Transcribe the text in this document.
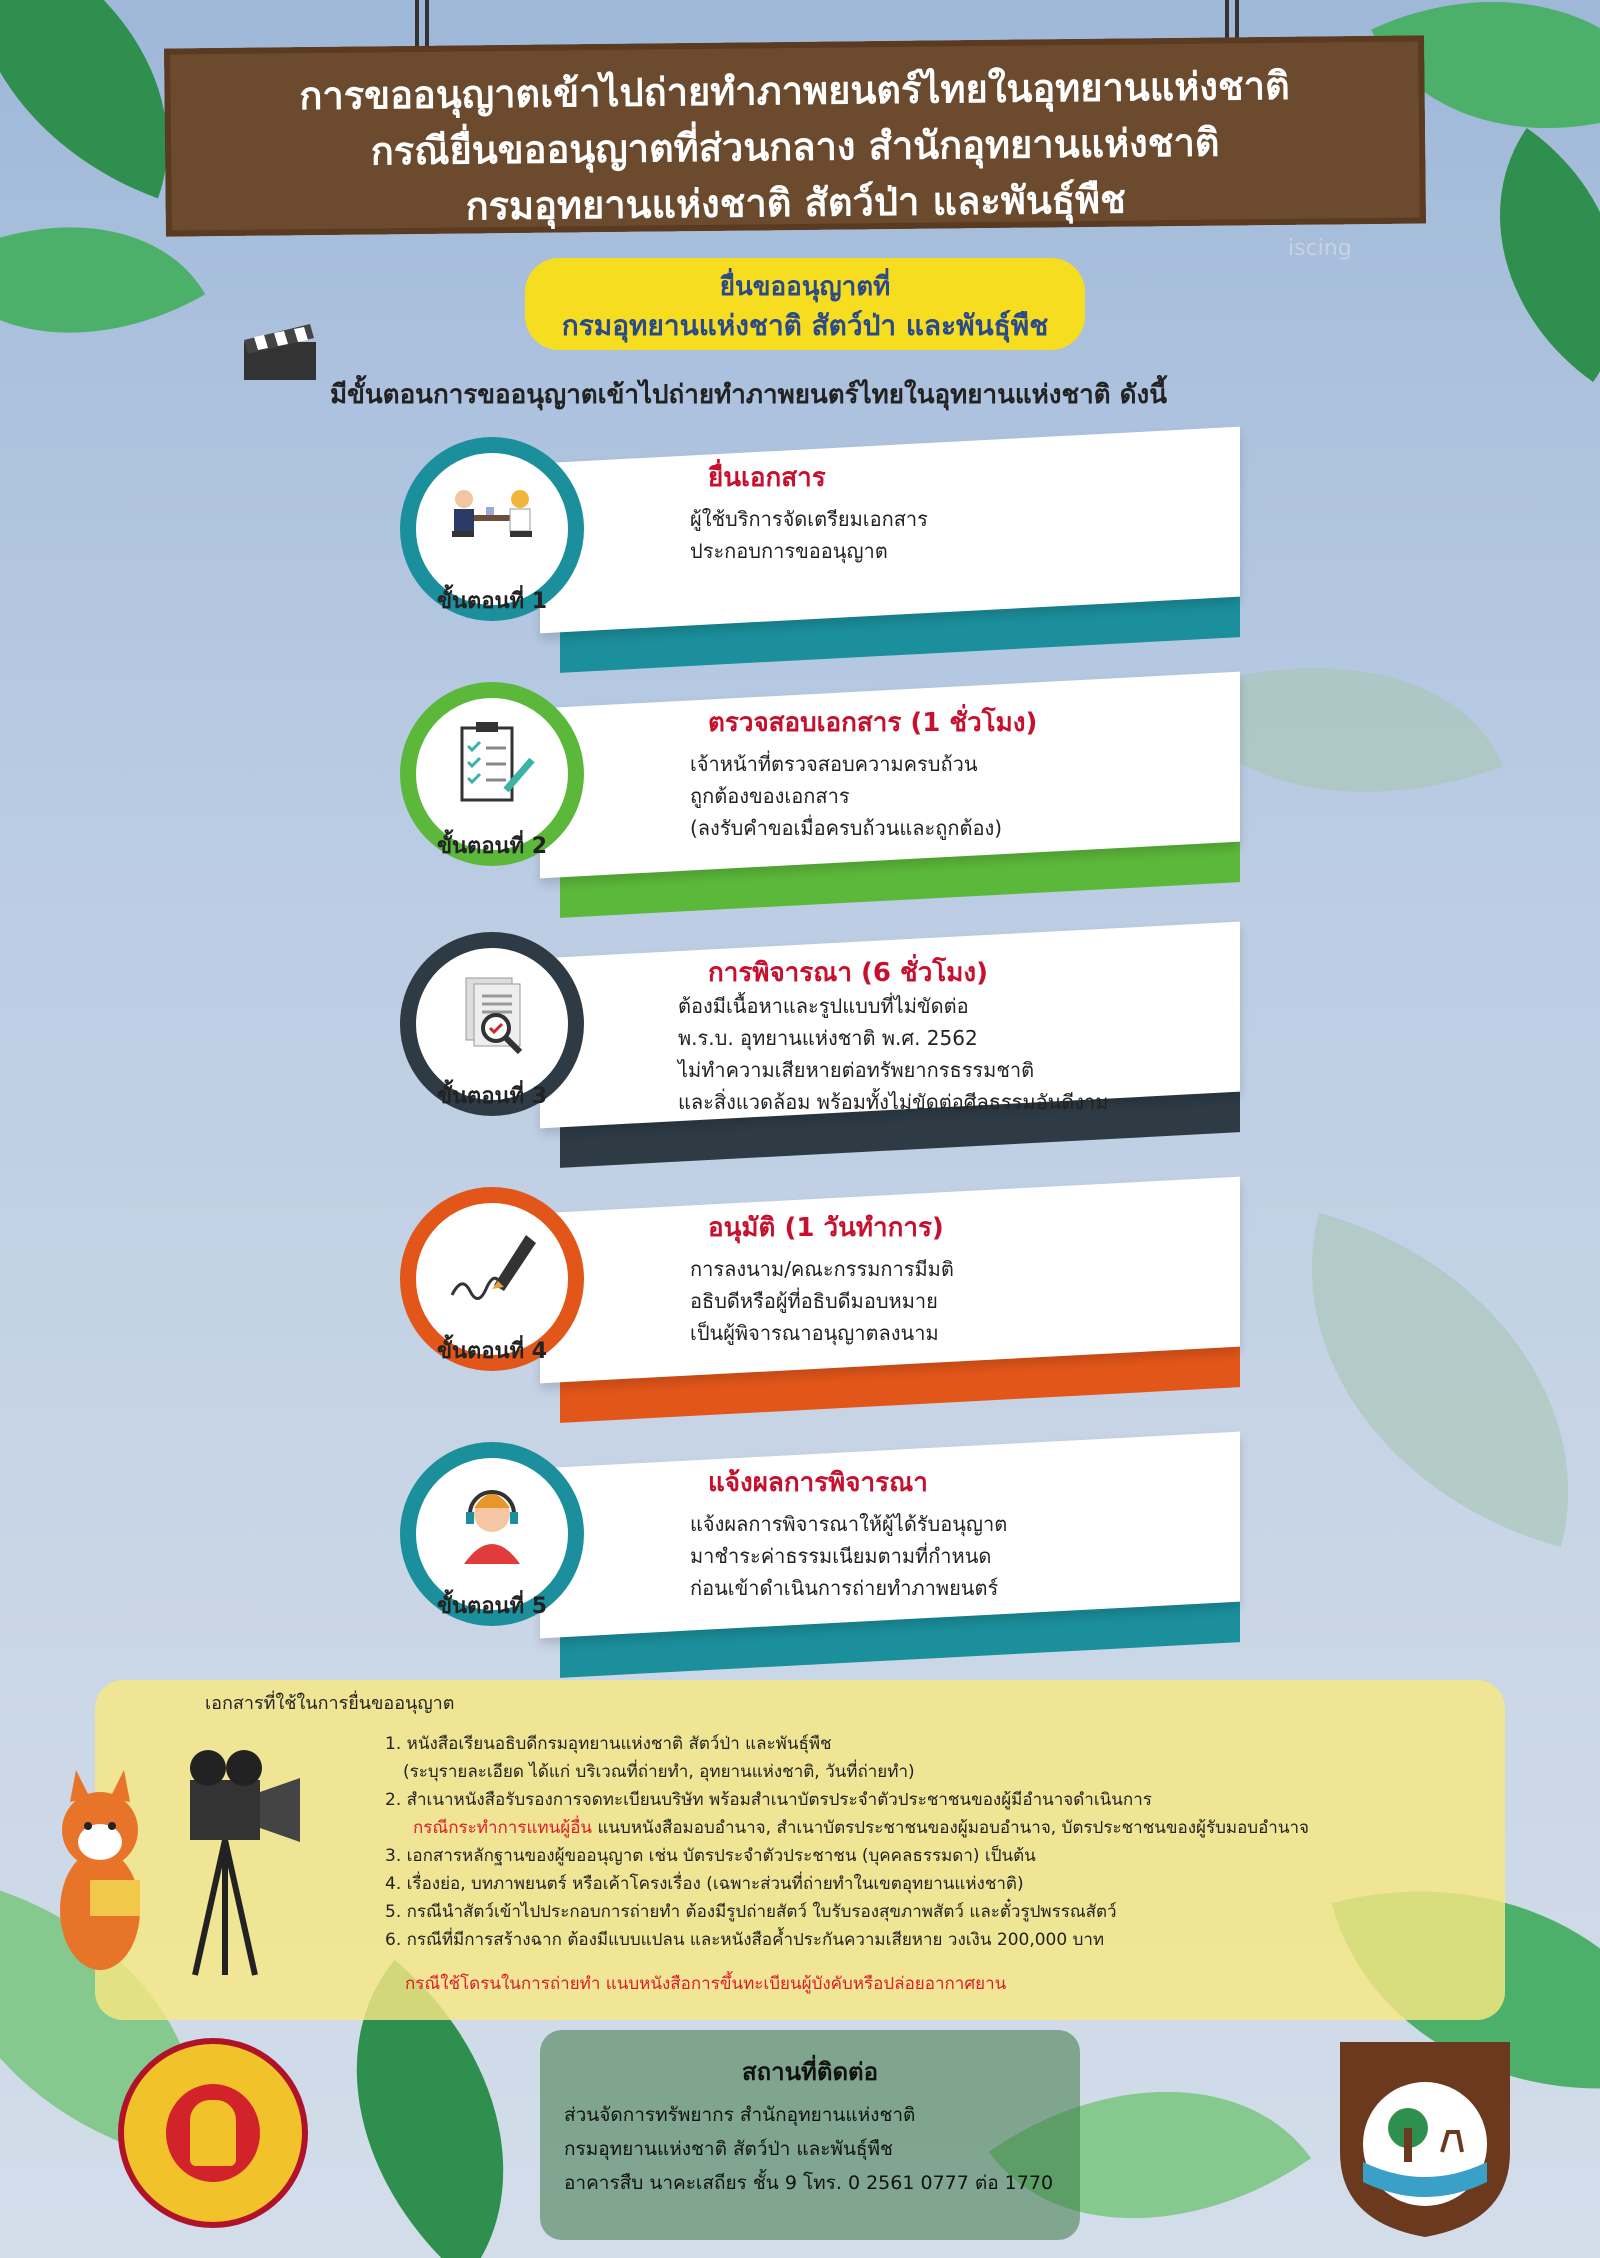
การขออนุญาตเข้าไปถ่ายทำภาพยนตร์ไทยในอุทยานแห่งชาติ
กรณียื่นขออนุญาตที่ส่วนกลาง สำนักอุทยานแห่งชาติ
กรมอุทยานแห่งชาติ สัตว์ป่า และพันธุ์พืช
iscing
ยื่นขออนุญาตที่
กรมอุทยานแห่งชาติ สัตว์ป่า และพันธุ์พืช
มีขั้นตอนการขออนุญาตเข้าไปถ่ายทำภาพยนตร์ไทยในอุทยานแห่งชาติ ดังนี้
ขั้นตอนที่ 1
ยื่นเอกสาร
ผู้ใช้บริการจัดเตรียมเอกสาร
ประกอบการขออนุญาต
ขั้นตอนที่ 2
ตรวจสอบเอกสาร (1 ชั่วโมง)
เจ้าหน้าที่ตรวจสอบความครบถ้วน
ถูกต้องของเอกสาร
(ลงรับคำขอเมื่อครบถ้วนและถูกต้อง)
ขั้นตอนที่ 3
การพิจารณา (6 ชั่วโมง)
ต้องมีเนื้อหาและรูปแบบที่ไม่ขัดต่อ
พ.ร.บ. อุทยานแห่งชาติ พ.ศ. 2562
ไม่ทำความเสียหายต่อทรัพยากรธรรมชาติ
และสิ่งแวดล้อม พร้อมทั้งไม่ขัดต่อศีลธรรมอันดีงาม
ขั้นตอนที่ 4
อนุมัติ (1 วันทำการ)
การลงนาม/คณะกรรมการมีมติ
อธิบดีหรือผู้ที่อธิบดีมอบหมาย
เป็นผู้พิจารณาอนุญาตลงนาม
ขั้นตอนที่ 5
แจ้งผลการพิจารณา
แจ้งผลการพิจารณาให้ผู้ได้รับอนุญาต
มาชำระค่าธรรมเนียมตามที่กำหนด
ก่อนเข้าดำเนินการถ่ายทำภาพยนตร์
เอกสารที่ใช้ในการยื่นขออนุญาต
1. หนังสือเรียนอธิบดีกรมอุทยานแห่งชาติ สัตว์ป่า และพันธุ์พืช
(ระบุรายละเอียด ได้แก่ บริเวณที่ถ่ายทำ, อุทยานแห่งชาติ, วันที่ถ่ายทำ)
2. สำเนาหนังสือรับรองการจดทะเบียนบริษัท พร้อมสำเนาบัตรประจำตัวประชาชนของผู้มีอำนาจดำเนินการ
กรณีกระทำการแทนผู้อื่น แนบหนังสือมอบอำนาจ, สำเนาบัตรประชาชนของผู้มอบอำนาจ, บัตรประชาชนของผู้รับมอบอำนาจ
3. เอกสารหลักฐานของผู้ขออนุญาต เช่น บัตรประจำตัวประชาชน (บุคคลธรรมดา) เป็นต้น
4. เรื่องย่อ, บทภาพยนตร์ หรือเค้าโครงเรื่อง (เฉพาะส่วนที่ถ่ายทำในเขตอุทยานแห่งชาติ)
5. กรณีนำสัตว์เข้าไปประกอบการถ่ายทำ ต้องมีรูปถ่ายสัตว์ ใบรับรองสุขภาพสัตว์ และตั๋วรูปพรรณสัตว์
6. กรณีที่มีการสร้างฉาก ต้องมีแบบแปลน และหนังสือค้ำประกันความเสียหาย วงเงิน 200,000 บาท
กรณีใช้โดรนในการถ่ายทำ แนบหนังสือการขึ้นทะเบียนผู้บังคับหรือปล่อยอากาศยาน
สถานที่ติดต่อ
ส่วนจัดการทรัพยากร สำนักอุทยานแห่งชาติ
กรมอุทยานแห่งชาติ สัตว์ป่า และพันธุ์พืช
อาคารสืบ นาคะเสถียร ชั้น 9 โทร. 0 2561 0777 ต่อ 1770
